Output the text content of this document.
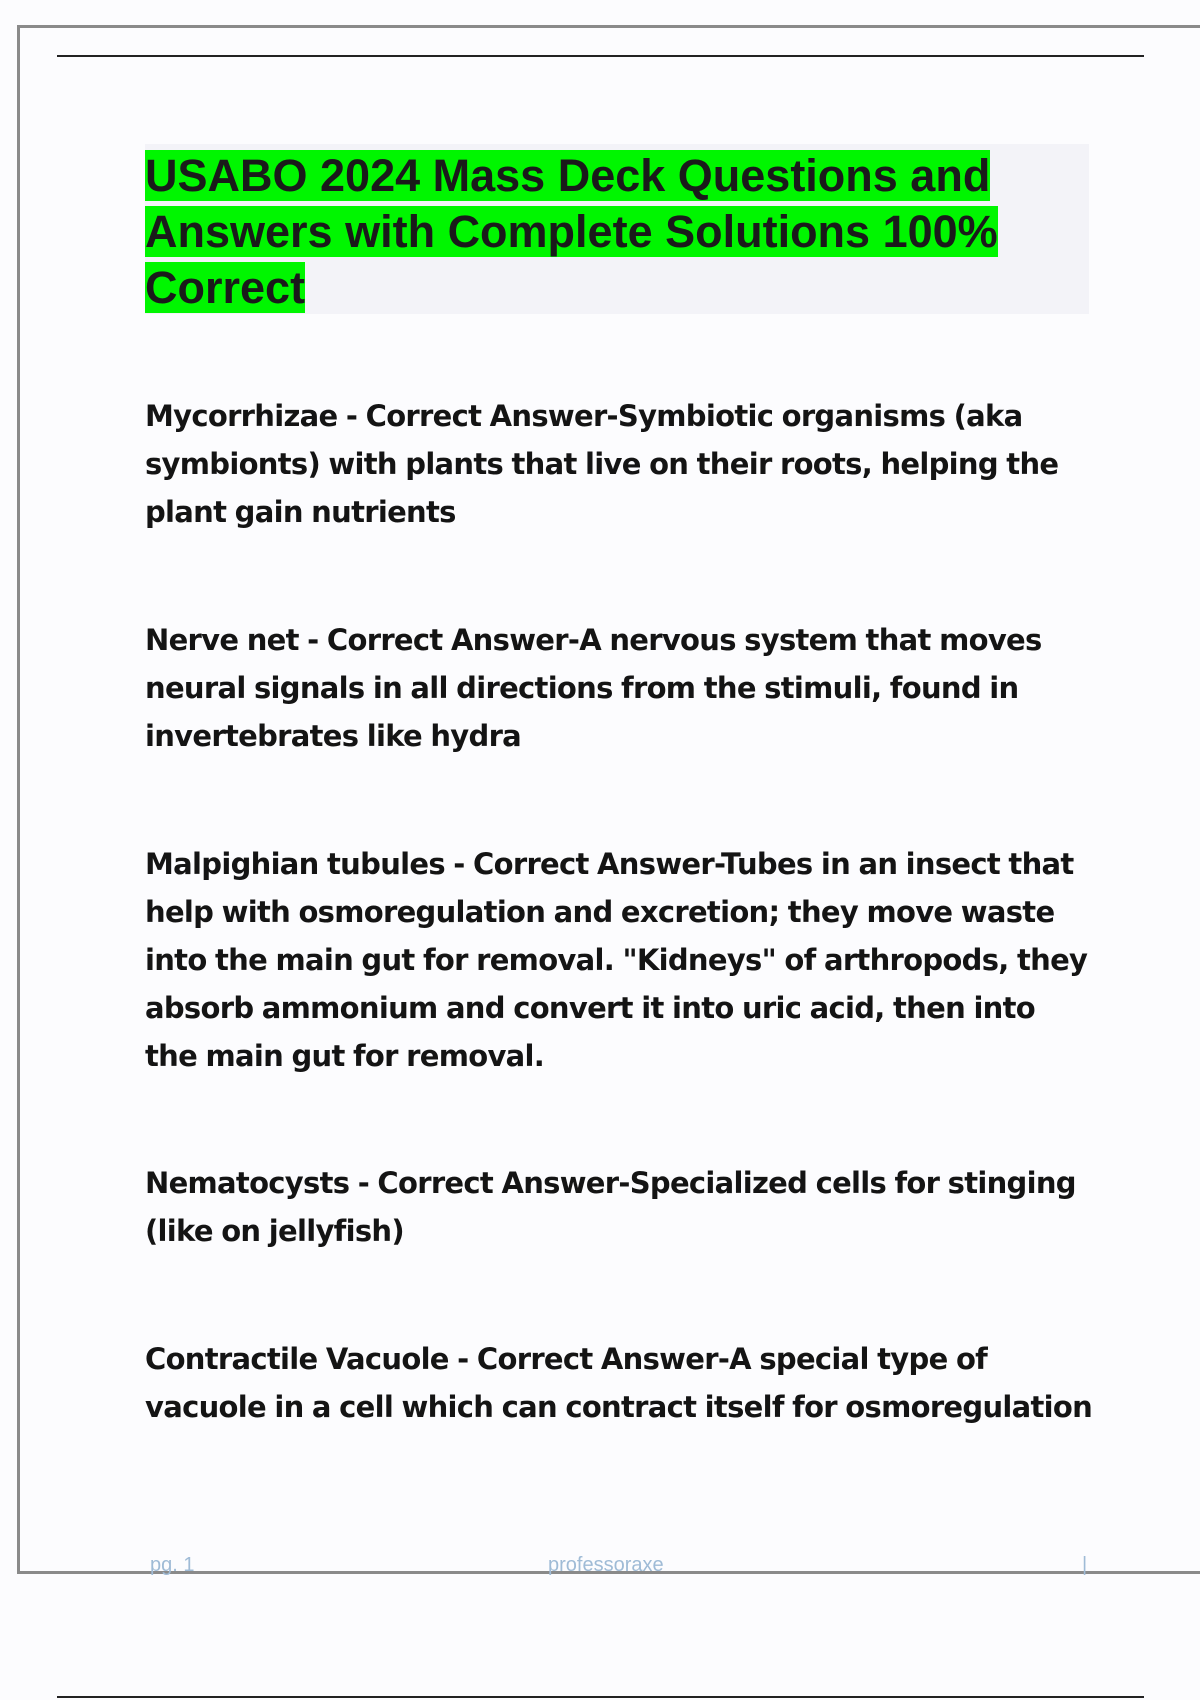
USABO 2024 Mass Deck Questions and Answers with Complete Solutions 100% Correct

Mycorrhizae - Correct Answer-Symbiotic organisms (aka symbionts) with plants that live on their roots, helping the plant gain nutrients

Nerve net - Correct Answer-A nervous system that moves neural signals in all directions from the stimuli, found in invertebrates like hydra

Malpighian tubules - Correct Answer-Tubes in an insect that help with osmoregulation and excretion; they move waste into the main gut for removal. "Kidneys" of arthropods, they absorb ammonium and convert it into uric acid, then into the main gut for removal.

Nematocysts - Correct Answer-Specialized cells for stinging (like on jellyfish)

Contractile Vacuole - Correct Answer-A special type of vacuole in a cell which can contract itself for osmoregulation

pg. 1	professoraxe	|
